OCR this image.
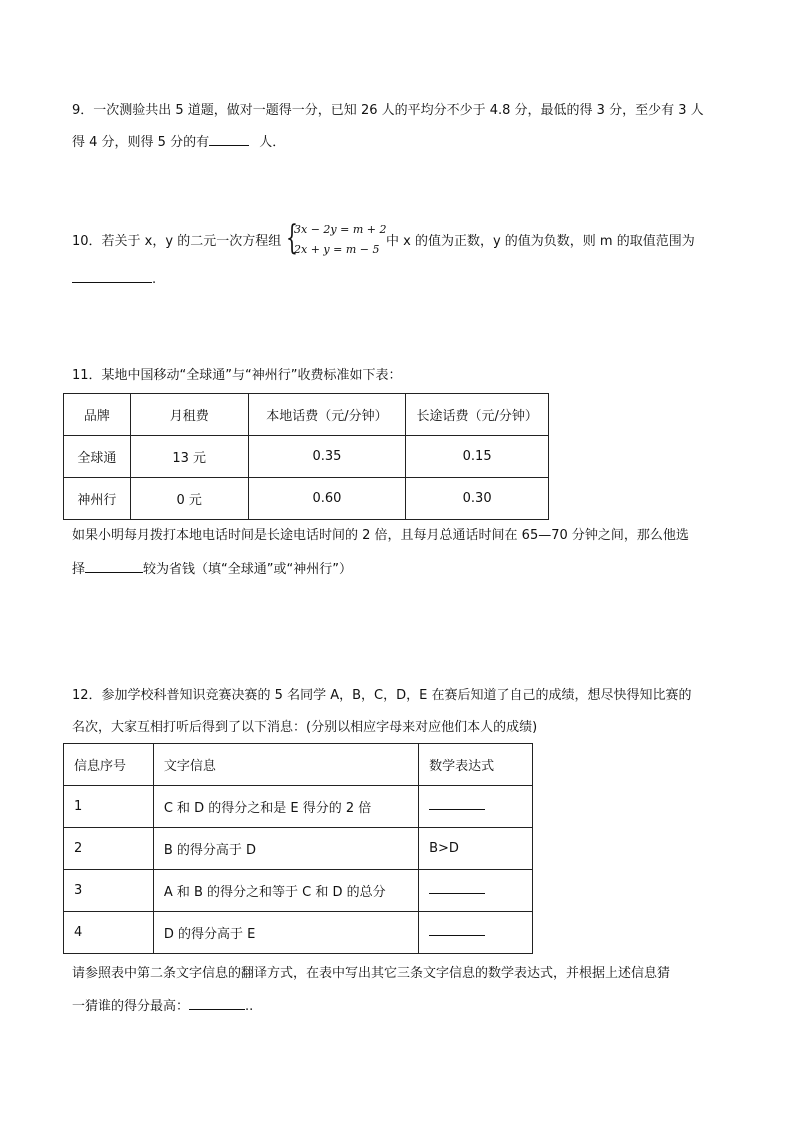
9．一次测验共出 5 道题，做对一题得一分，已知 26 人的平均分不少于 4.8 分，最低的得 3 分，至少有 3 人
得 4 分，则得 5 分的有	人．
10．若关于 x，y 的二元一次方程组 {
3x − 2y = m + 2
2x + y = m − 5
中 x 的值为正数，y 的值为负数，则 m 的取值范围为
.
11．某地中国移动“全球通”与“神州行”收费标准如下表：
品牌	月租费	本地话费（元/分钟）	长途话费（元/分钟）
全球通	13 元	0.35	0.15
神州行	0 元	0.60	0.30
如果小明每月拨打本地电话时间是长途电话时间的 2 倍，且每月总通话时间在 65—70 分钟之间，那么他选
择	较为省钱（填“全球通”或“神州行”）
12．参加学校科普知识竞赛决赛的 5 名同学 A，B，C，D，E 在赛后知道了自己的成绩，想尽快得知比赛的
名次，大家互相打听后得到了以下消息：(分别以相应字母来对应他们本人的成绩)
信息序号	文字信息	数学表达式
1	C 和 D 的得分之和是 E 得分的 2 倍	
2	B 的得分高于 D	B>D
3	A 和 B 的得分之和等于 C 和 D 的总分	
4	D 的得分高于 E	
请参照表中第二条文字信息的翻译方式，在表中写出其它三条文字信息的数学表达式，并根据上述信息猜
一猜谁的得分最高：	..
